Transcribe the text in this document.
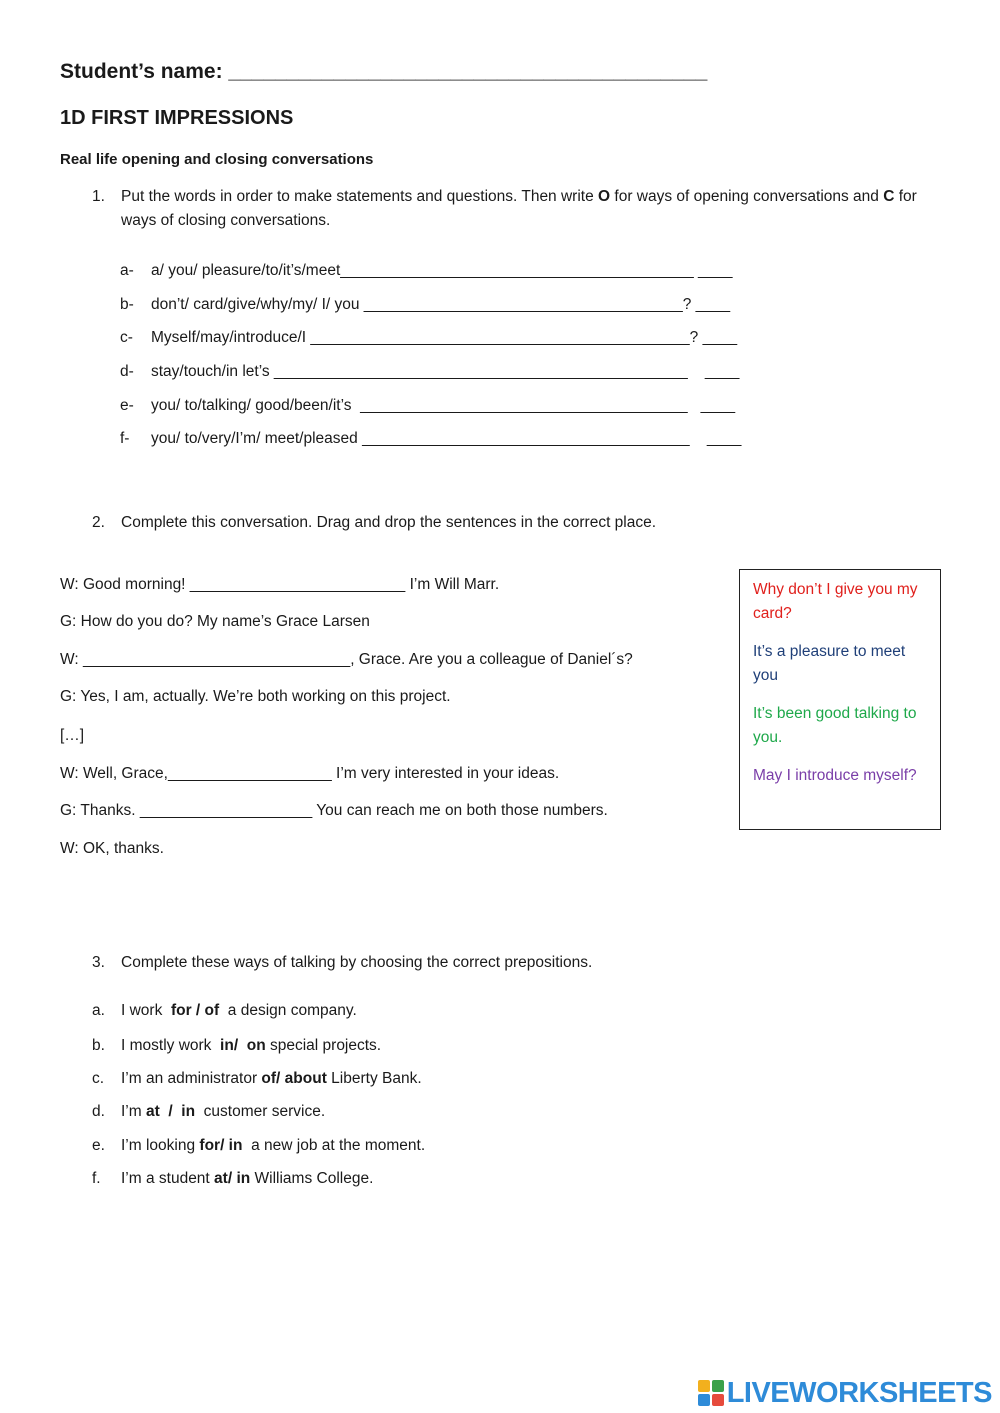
Student’s name: _________________________________________
1D FIRST IMPRESSIONS
Real life opening and closing conversations
1. Put the words in order to make statements and questions. Then write O for ways of opening conversations and C for ways of closing conversations.
a- a/ you/ pleasure/to/it’s/meet_________________________________________ ____
b- don’t/ card/give/why/my/ I/ you _____________________________________? ____
c- Myself/may/introduce/I ____________________________________________? ____
d- stay/touch/in let’s ________________________________________________    ____
e- you/ to/talking/ good/been/it’s  ______________________________________   ____
f- you/ to/very/I’m/ meet/pleased ______________________________________    ____
2. Complete this conversation. Drag and drop the sentences in the correct place.
W: Good morning! _________________________ I’m Will Marr.
G: How do you do? My name’s Grace Larsen
W: _______________________________, Grace. Are you a colleague of Daniel´s?
G: Yes, I am, actually. We’re both working on this project.
[…]
W: Well, Grace,___________________ I’m very interested in your ideas.
G: Thanks. ____________________ You can reach me on both those numbers.
W: OK, thanks.
Why don’t I give you my card?
It’s a pleasure to meet you
It’s been good talking to you.
May I introduce myself?
3. Complete these ways of talking by choosing the correct prepositions.
a. I work  for / of  a design company.
b. I mostly work  in/  on special projects.
c. I’m an administrator of/ about Liberty Bank.
d. I’m at  /  in  customer service.
e. I’m looking for/ in  a new job at the moment.
f. I’m a student at/ in Williams College.
LIVEWORKSHEETS
